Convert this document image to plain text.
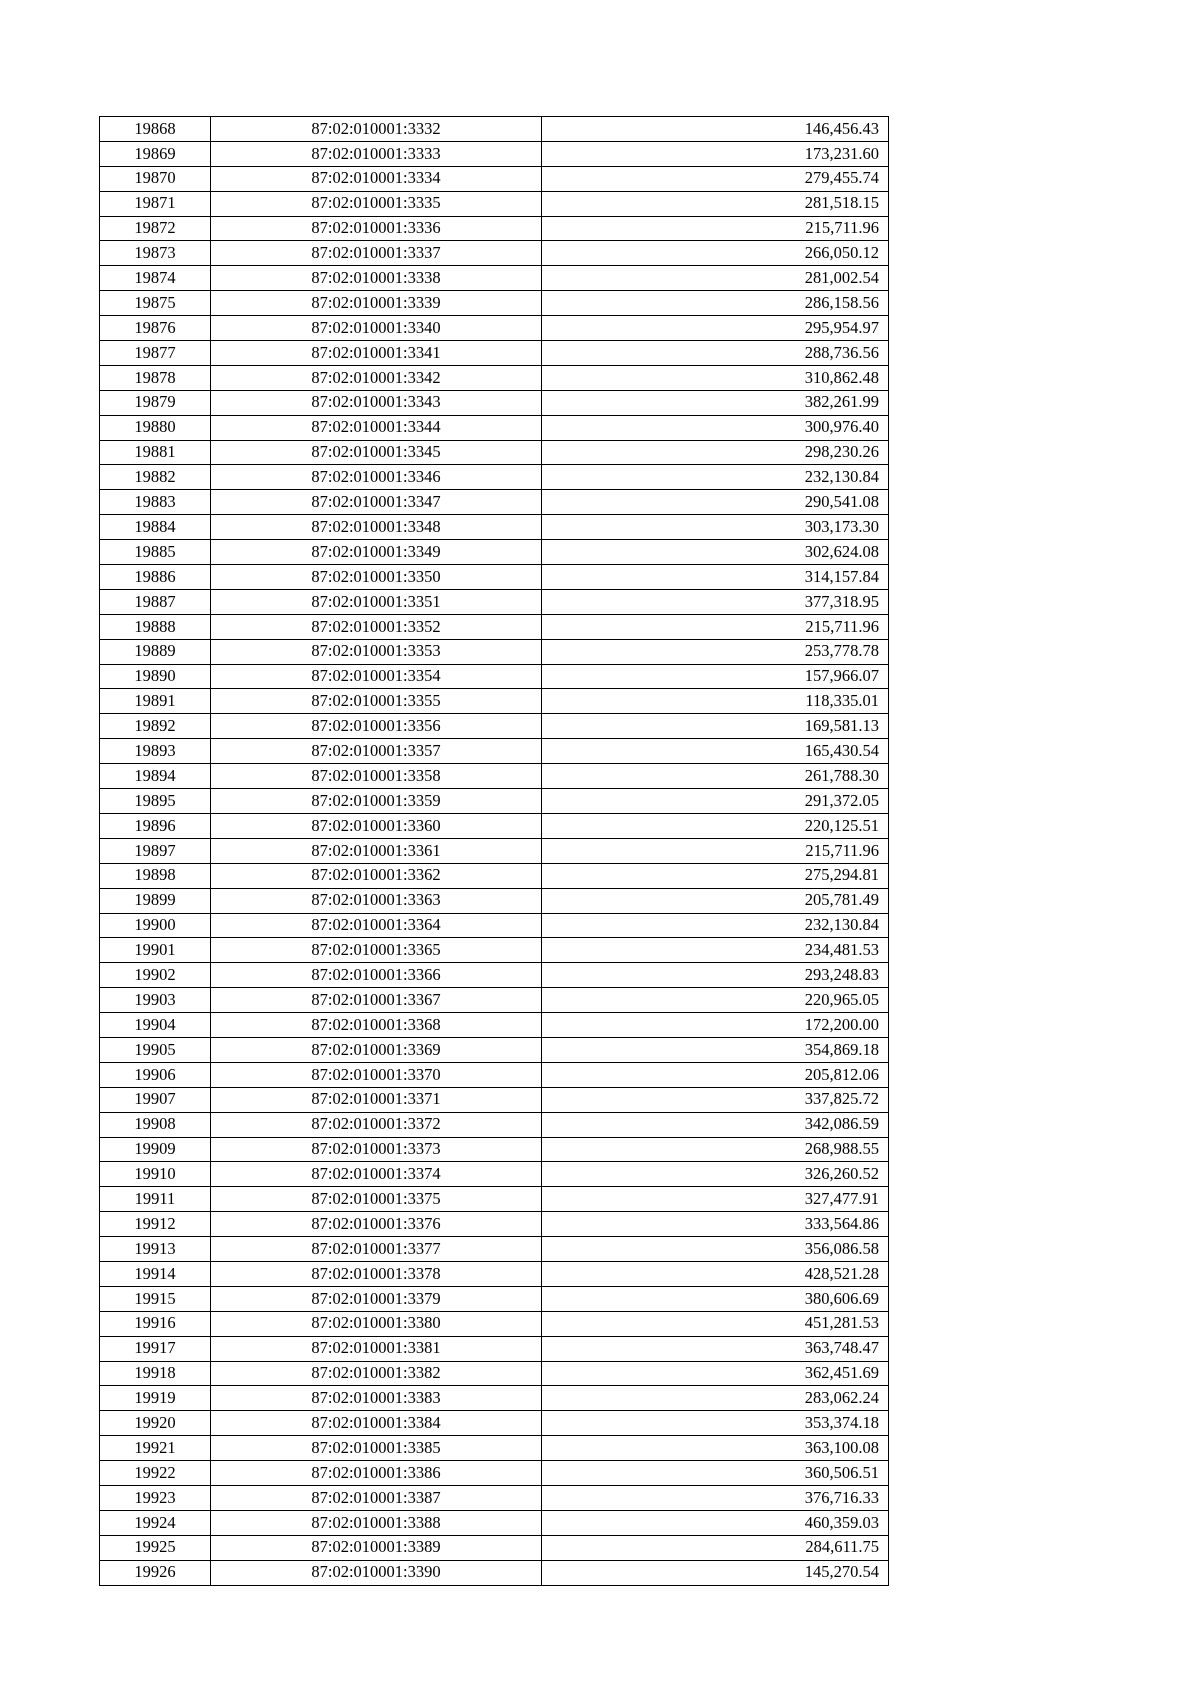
19868	87:02:010001:3332	146,456.43
19869	87:02:010001:3333	173,231.60
19870	87:02:010001:3334	279,455.74
19871	87:02:010001:3335	281,518.15
19872	87:02:010001:3336	215,711.96
19873	87:02:010001:3337	266,050.12
19874	87:02:010001:3338	281,002.54
19875	87:02:010001:3339	286,158.56
19876	87:02:010001:3340	295,954.97
19877	87:02:010001:3341	288,736.56
19878	87:02:010001:3342	310,862.48
19879	87:02:010001:3343	382,261.99
19880	87:02:010001:3344	300,976.40
19881	87:02:010001:3345	298,230.26
19882	87:02:010001:3346	232,130.84
19883	87:02:010001:3347	290,541.08
19884	87:02:010001:3348	303,173.30
19885	87:02:010001:3349	302,624.08
19886	87:02:010001:3350	314,157.84
19887	87:02:010001:3351	377,318.95
19888	87:02:010001:3352	215,711.96
19889	87:02:010001:3353	253,778.78
19890	87:02:010001:3354	157,966.07
19891	87:02:010001:3355	118,335.01
19892	87:02:010001:3356	169,581.13
19893	87:02:010001:3357	165,430.54
19894	87:02:010001:3358	261,788.30
19895	87:02:010001:3359	291,372.05
19896	87:02:010001:3360	220,125.51
19897	87:02:010001:3361	215,711.96
19898	87:02:010001:3362	275,294.81
19899	87:02:010001:3363	205,781.49
19900	87:02:010001:3364	232,130.84
19901	87:02:010001:3365	234,481.53
19902	87:02:010001:3366	293,248.83
19903	87:02:010001:3367	220,965.05
19904	87:02:010001:3368	172,200.00
19905	87:02:010001:3369	354,869.18
19906	87:02:010001:3370	205,812.06
19907	87:02:010001:3371	337,825.72
19908	87:02:010001:3372	342,086.59
19909	87:02:010001:3373	268,988.55
19910	87:02:010001:3374	326,260.52
19911	87:02:010001:3375	327,477.91
19912	87:02:010001:3376	333,564.86
19913	87:02:010001:3377	356,086.58
19914	87:02:010001:3378	428,521.28
19915	87:02:010001:3379	380,606.69
19916	87:02:010001:3380	451,281.53
19917	87:02:010001:3381	363,748.47
19918	87:02:010001:3382	362,451.69
19919	87:02:010001:3383	283,062.24
19920	87:02:010001:3384	353,374.18
19921	87:02:010001:3385	363,100.08
19922	87:02:010001:3386	360,506.51
19923	87:02:010001:3387	376,716.33
19924	87:02:010001:3388	460,359.03
19925	87:02:010001:3389	284,611.75
19926	87:02:010001:3390	145,270.54
